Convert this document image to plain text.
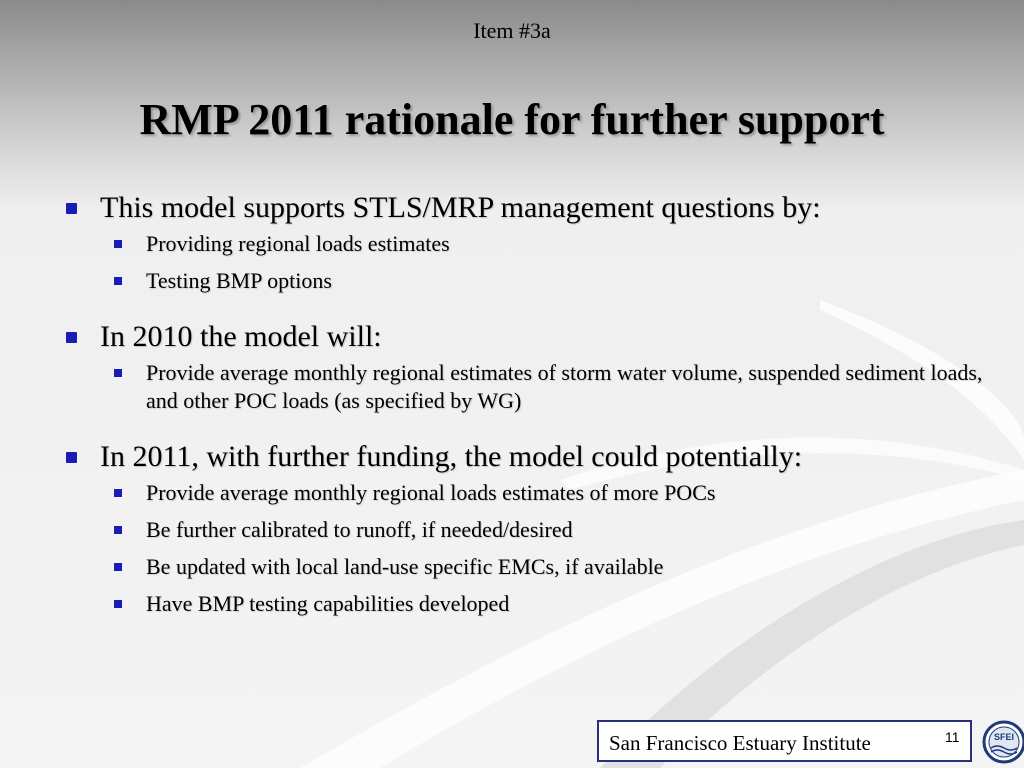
Item #3a
RMP 2011 rationale for further support
This model supports STLS/MRP management questions by:
Providing regional loads estimates
Testing BMP options
In 2010 the model will:
Provide average monthly regional estimates of storm water volume, suspended sediment loads, and other POC loads (as specified by WG)
In 2011, with further funding, the model could potentially:
Provide average monthly regional loads estimates of more POCs
Be further calibrated to runoff, if needed/desired
Be updated with local land-use specific EMCs, if available
Have BMP testing capabilities developed
San Francisco Estuary Institute	11	SFEI
